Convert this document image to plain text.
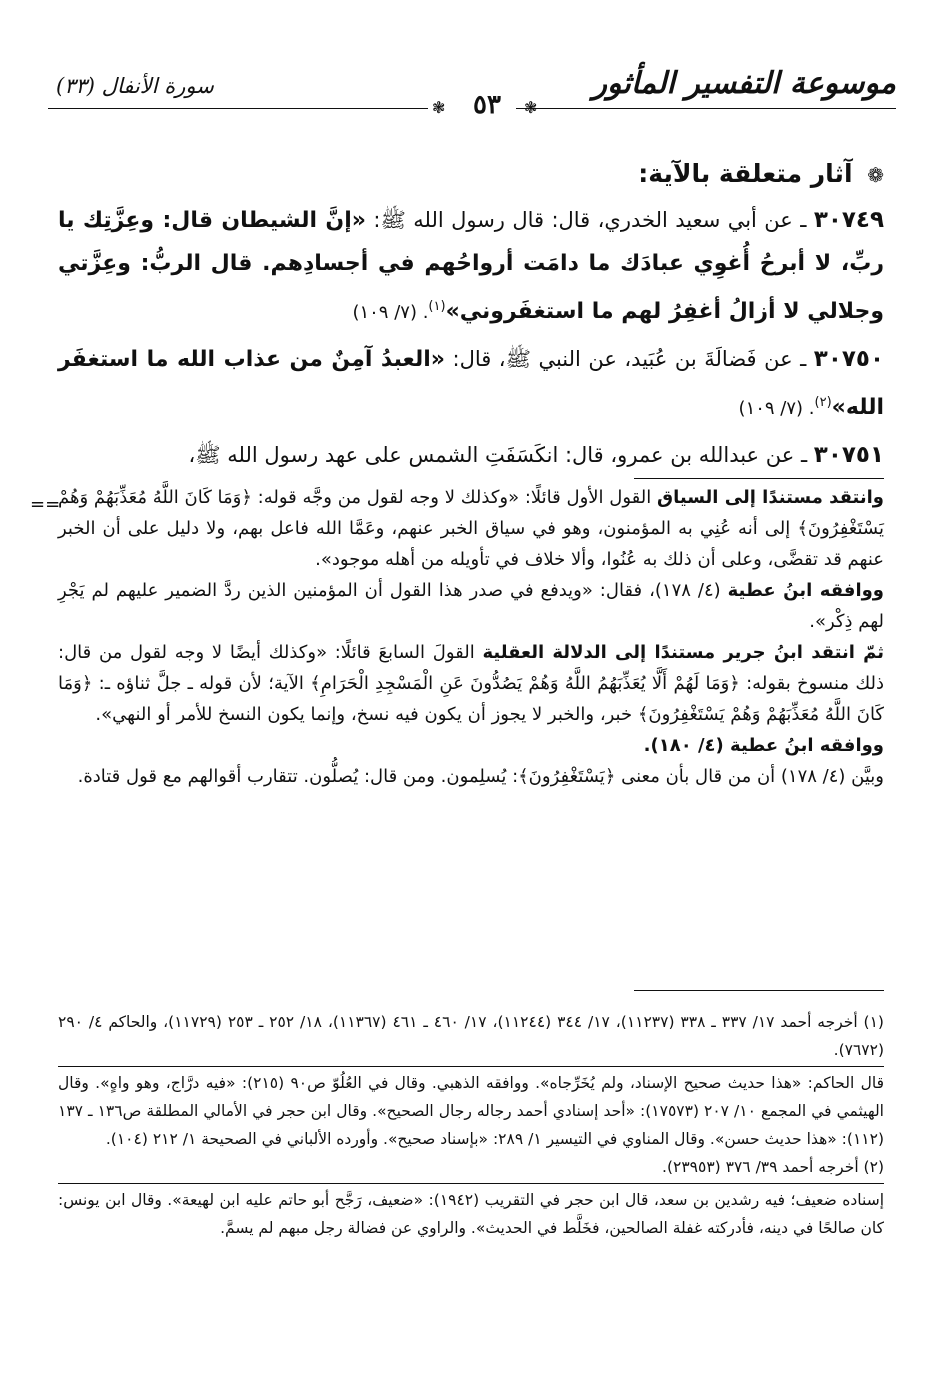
موسوعة التفسير المأثور
سورة الأنفال (٣٣)
❃	٥٣	❃
❁ آثار متعلقة بالآية:

٣٠٧٤٩ ـ عن أبي سعيد الخدري، قال: قال رسول الله ﷺ: «إنَّ الشيطان قال: وعِزَّتِك يا ربِّ، لا أبرحُ أُغوِي عبادَك ما دامَت أرواحُهم في أجسادِهم. قال الربُّ: وعِزَّتي وجلالي لا أزالُ أغفِرُ لهم ما استغفَروني»$^{(١)}$. (٧/ ١٠٩)

٣٠٧٥٠ ـ عن فَضالَةَ بن عُبَيد، عن النبي ﷺ، قال: «العبدُ آمِنٌ من عذاب الله ما استغفَر الله»$^{(٢)}$. (٧/ ١٠٩)

٣٠٧٥١ ـ عن عبدالله بن عمرو، قال: انكَسَفَتِ الشمس على عهد رسول الله ﷺ،

==	وانتقد مستندًا إلى السياق القول الأول قائلًا: «وكذلك لا وجه لقول من وجَّه قوله: ﴿وَمَا كَانَ اللَّهُ مُعَذِّبَهُمْ وَهُمْ يَسْتَغْفِرُونَ﴾ إلى أنه عُنِي به المؤمنون، وهو في سياق الخبر عنهم، وعَمَّا الله فاعل بهم، ولا دليل على أن الخبر عنهم قد تقضَّى، وعلى أن ذلك به عُنُوا، وألا خلاف في تأويله من أهله موجود».

ووافقه ابنُ عطية (٤/ ١٧٨)، فقال: «ويدفع في صدر هذا القول أن المؤمنين الذين ردَّ الضمير عليهم لم يَجْرِ لهم ذِكْر».

ثمّ انتقد ابنُ جرير مستندًا إلى الدلالة العقلية القولَ السابعَ قائلًا: «وكذلك أيضًا لا وجه لقول من قال: ذلك منسوخ بقوله: ﴿وَمَا لَهُمْ أَلَّا يُعَذِّبَهُمُ اللَّهُ وَهُمْ يَصُدُّونَ عَنِ الْمَسْجِدِ الْحَرَامِ﴾ الآية؛ لأن قوله ـ جلَّ ثناؤه ـ: ﴿وَمَا كَانَ اللَّهُ مُعَذِّبَهُمْ وَهُمْ يَسْتَغْفِرُونَ﴾ خبر، والخبر لا يجوز أن يكون فيه نسخ، وإنما يكون النسخ للأمر أو النهي».

ووافقه ابنُ عطية (٤/ ١٨٠).

وبيَّن (٤/ ١٧٨) أن من قال بأن معنى ﴿يَسْتَغْفِرُونَ﴾: يُسلِمون. ومن قال: يُصلُّون. تتقارب أقوالهم مع قول قتادة.

(١) أخرجه أحمد ١٧/ ٣٣٧ ـ ٣٣٨ (١١٢٣٧)، ١٧/ ٣٤٤ (١١٢٤٤)، ١٧/ ٤٦٠ ـ ٤٦١ (١١٣٦٧)، ١٨/ ٢٥٢ ـ ٢٥٣ (١١٧٢٩)، والحاكم ٤/ ٢٩٠ (٧٦٧٢).

قال الحاكم: «هذا حديث صحيح الإسناد، ولم يُخَرِّجاه». ووافقه الذهبي. وقال في العُلُوّ ص٩٠ (٢١٥): «فيه درَّاج، وهو واهٍ». وقال الهيثمي في المجمع ١٠/ ٢٠٧ (١٧٥٧٣): «أحد إسنادي أحمد رجاله رجال الصحيح». وقال ابن حجر في الأمالي المطلقة ص١٣٦ ـ ١٣٧ (١١٢): «هذا حديث حسن». وقال المناوي في التيسير ١/ ٢٨٩: «بإسناد صحيح». وأورده الألباني في الصحيحة ١/ ٢١٢ (١٠٤).

(٢) أخرجه أحمد ٣٩/ ٣٧٦ (٢٣٩٥٣).

إسناده ضعيف؛ فيه رشدين بن سعد، قال ابن حجر في التقريب (١٩٤٢): «ضعيف، رَجَّح أبو حاتم عليه ابن لهيعة». وقال ابن يونس: كان صالحًا في دينه، فأدركته غفلة الصالحين، فخَلَّط في الحديث». والراوي عن فضالة رجل مبهم لم يسمَّ.
